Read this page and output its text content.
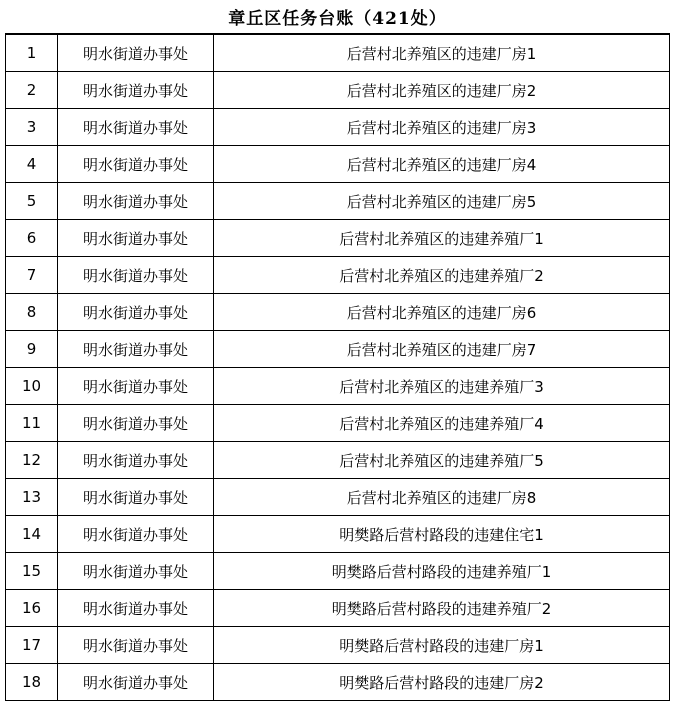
章丘区任务台账（421处）
1	明水街道办事处	后营村北养殖区的违建厂房1
2	明水街道办事处	后营村北养殖区的违建厂房2
3	明水街道办事处	后营村北养殖区的违建厂房3
4	明水街道办事处	后营村北养殖区的违建厂房4
5	明水街道办事处	后营村北养殖区的违建厂房5
6	明水街道办事处	后营村北养殖区的违建养殖厂1
7	明水街道办事处	后营村北养殖区的违建养殖厂2
8	明水街道办事处	后营村北养殖区的违建厂房6
9	明水街道办事处	后营村北养殖区的违建厂房7
10	明水街道办事处	后营村北养殖区的违建养殖厂3
11	明水街道办事处	后营村北养殖区的违建养殖厂4
12	明水街道办事处	后营村北养殖区的违建养殖厂5
13	明水街道办事处	后营村北养殖区的违建厂房8
14	明水街道办事处	明樊路后营村路段的违建住宅1
15	明水街道办事处	明樊路后营村路段的违建养殖厂1
16	明水街道办事处	明樊路后营村路段的违建养殖厂2
17	明水街道办事处	明樊路后营村路段的违建厂房1
18	明水街道办事处	明樊路后营村路段的违建厂房2
